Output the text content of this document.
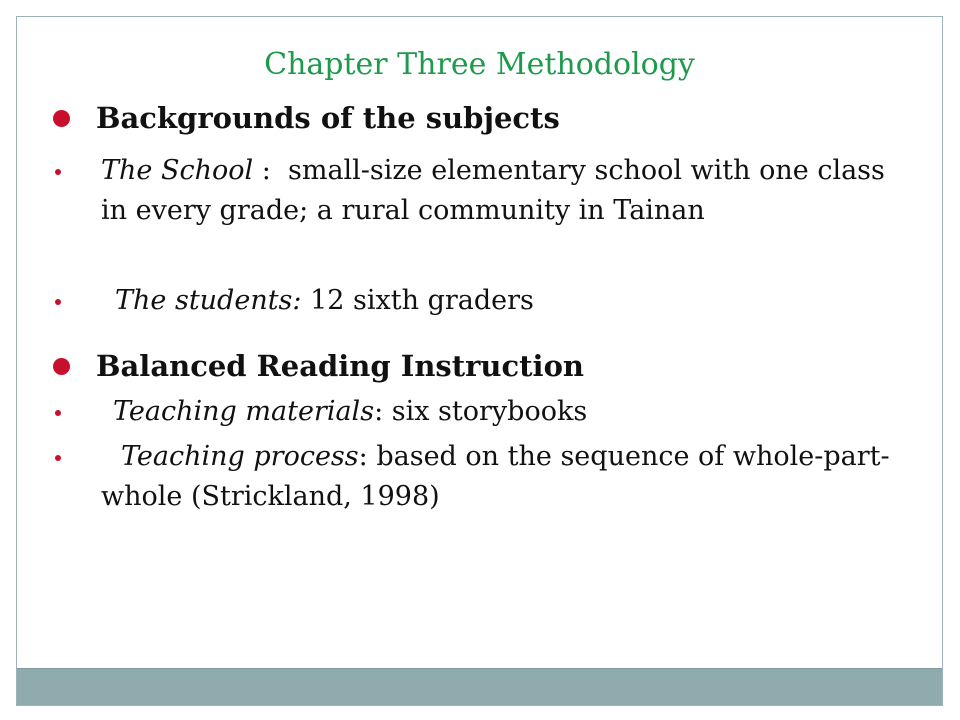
Chapter Three Methodology
Backgrounds of the subjects
The School :  small-size elementary school with one class in every grade; a rural community in Tainan
The students: 12 sixth graders
Balanced Reading Instruction
Teaching materials: six storybooks
Teaching process: based on the sequence of whole-part-whole (Strickland, 1998)
